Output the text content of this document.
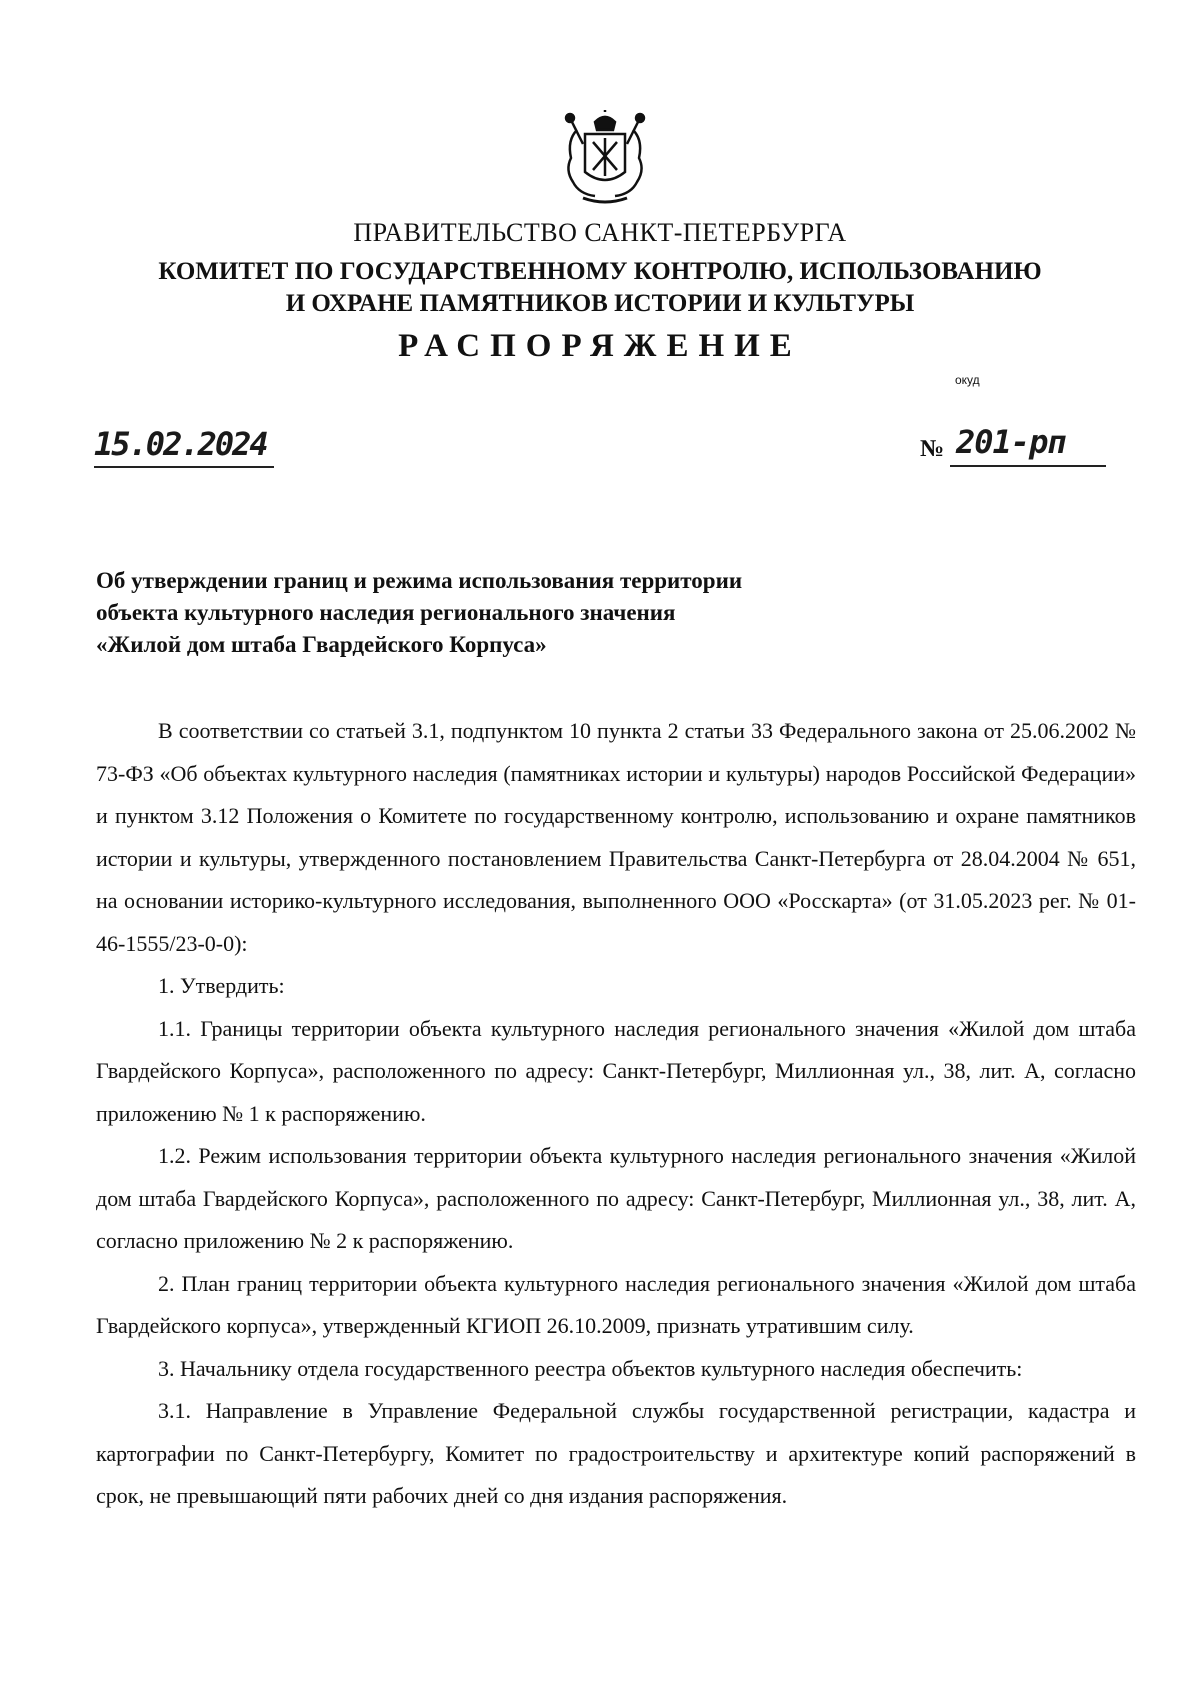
ПРАВИТЕЛЬСТВО САНКТ-ПЕТЕРБУРГА
КОМИТЕТ ПО ГОСУДАРСТВЕННОМУ КОНТРОЛЮ, ИСПОЛЬЗОВАНИЮ
И ОХРАНЕ ПАМЯТНИКОВ ИСТОРИИ И КУЛЬТУРЫ
РАСПОРЯЖЕНИЕ
окуд
15.02.2024	№ 201-рп
Об утверждении границ и режима использования территории
объекта культурного наследия регионального значения
«Жилой дом штаба Гвардейского Корпуса»

В соответствии со статьей 3.1, подпунктом 10 пункта 2 статьи 33 Федерального закона от 25.06.2002 № 73-ФЗ «Об объектах культурного наследия (памятниках истории и культуры) народов Российской Федерации» и пунктом 3.12 Положения о Комитете по государственному контролю, использованию и охране памятников истории и культуры, утвержденного постановлением Правительства Санкт-Петербурга от 28.04.2004 № 651, на основании историко-культурного исследования, выполненного ООО «Росскарта» (от 31.05.2023 рег. № 01-46-1555/23-0-0):

1. Утвердить:

1.1. Границы территории объекта культурного наследия регионального значения «Жилой дом штаба Гвардейского Корпуса», расположенного по адресу: Санкт-Петербург, Миллионная ул., 38, лит. А, согласно приложению № 1 к распоряжению.

1.2. Режим использования территории объекта культурного наследия регионального значения «Жилой дом штаба Гвардейского Корпуса», расположенного по адресу: Санкт-Петербург, Миллионная ул., 38, лит. А, согласно приложению № 2 к распоряжению.

2. План границ территории объекта культурного наследия регионального значения «Жилой дом штаба Гвардейского корпуса», утвержденный КГИОП 26.10.2009, признать утратившим силу.

3. Начальнику отдела государственного реестра объектов культурного наследия обеспечить:

3.1. Направление в Управление Федеральной службы государственной регистрации, кадастра и картографии по Санкт-Петербургу, Комитет по градостроительству и архитектуре копий распоряжений в срок, не превышающий пяти рабочих дней со дня издания распоряжения.
